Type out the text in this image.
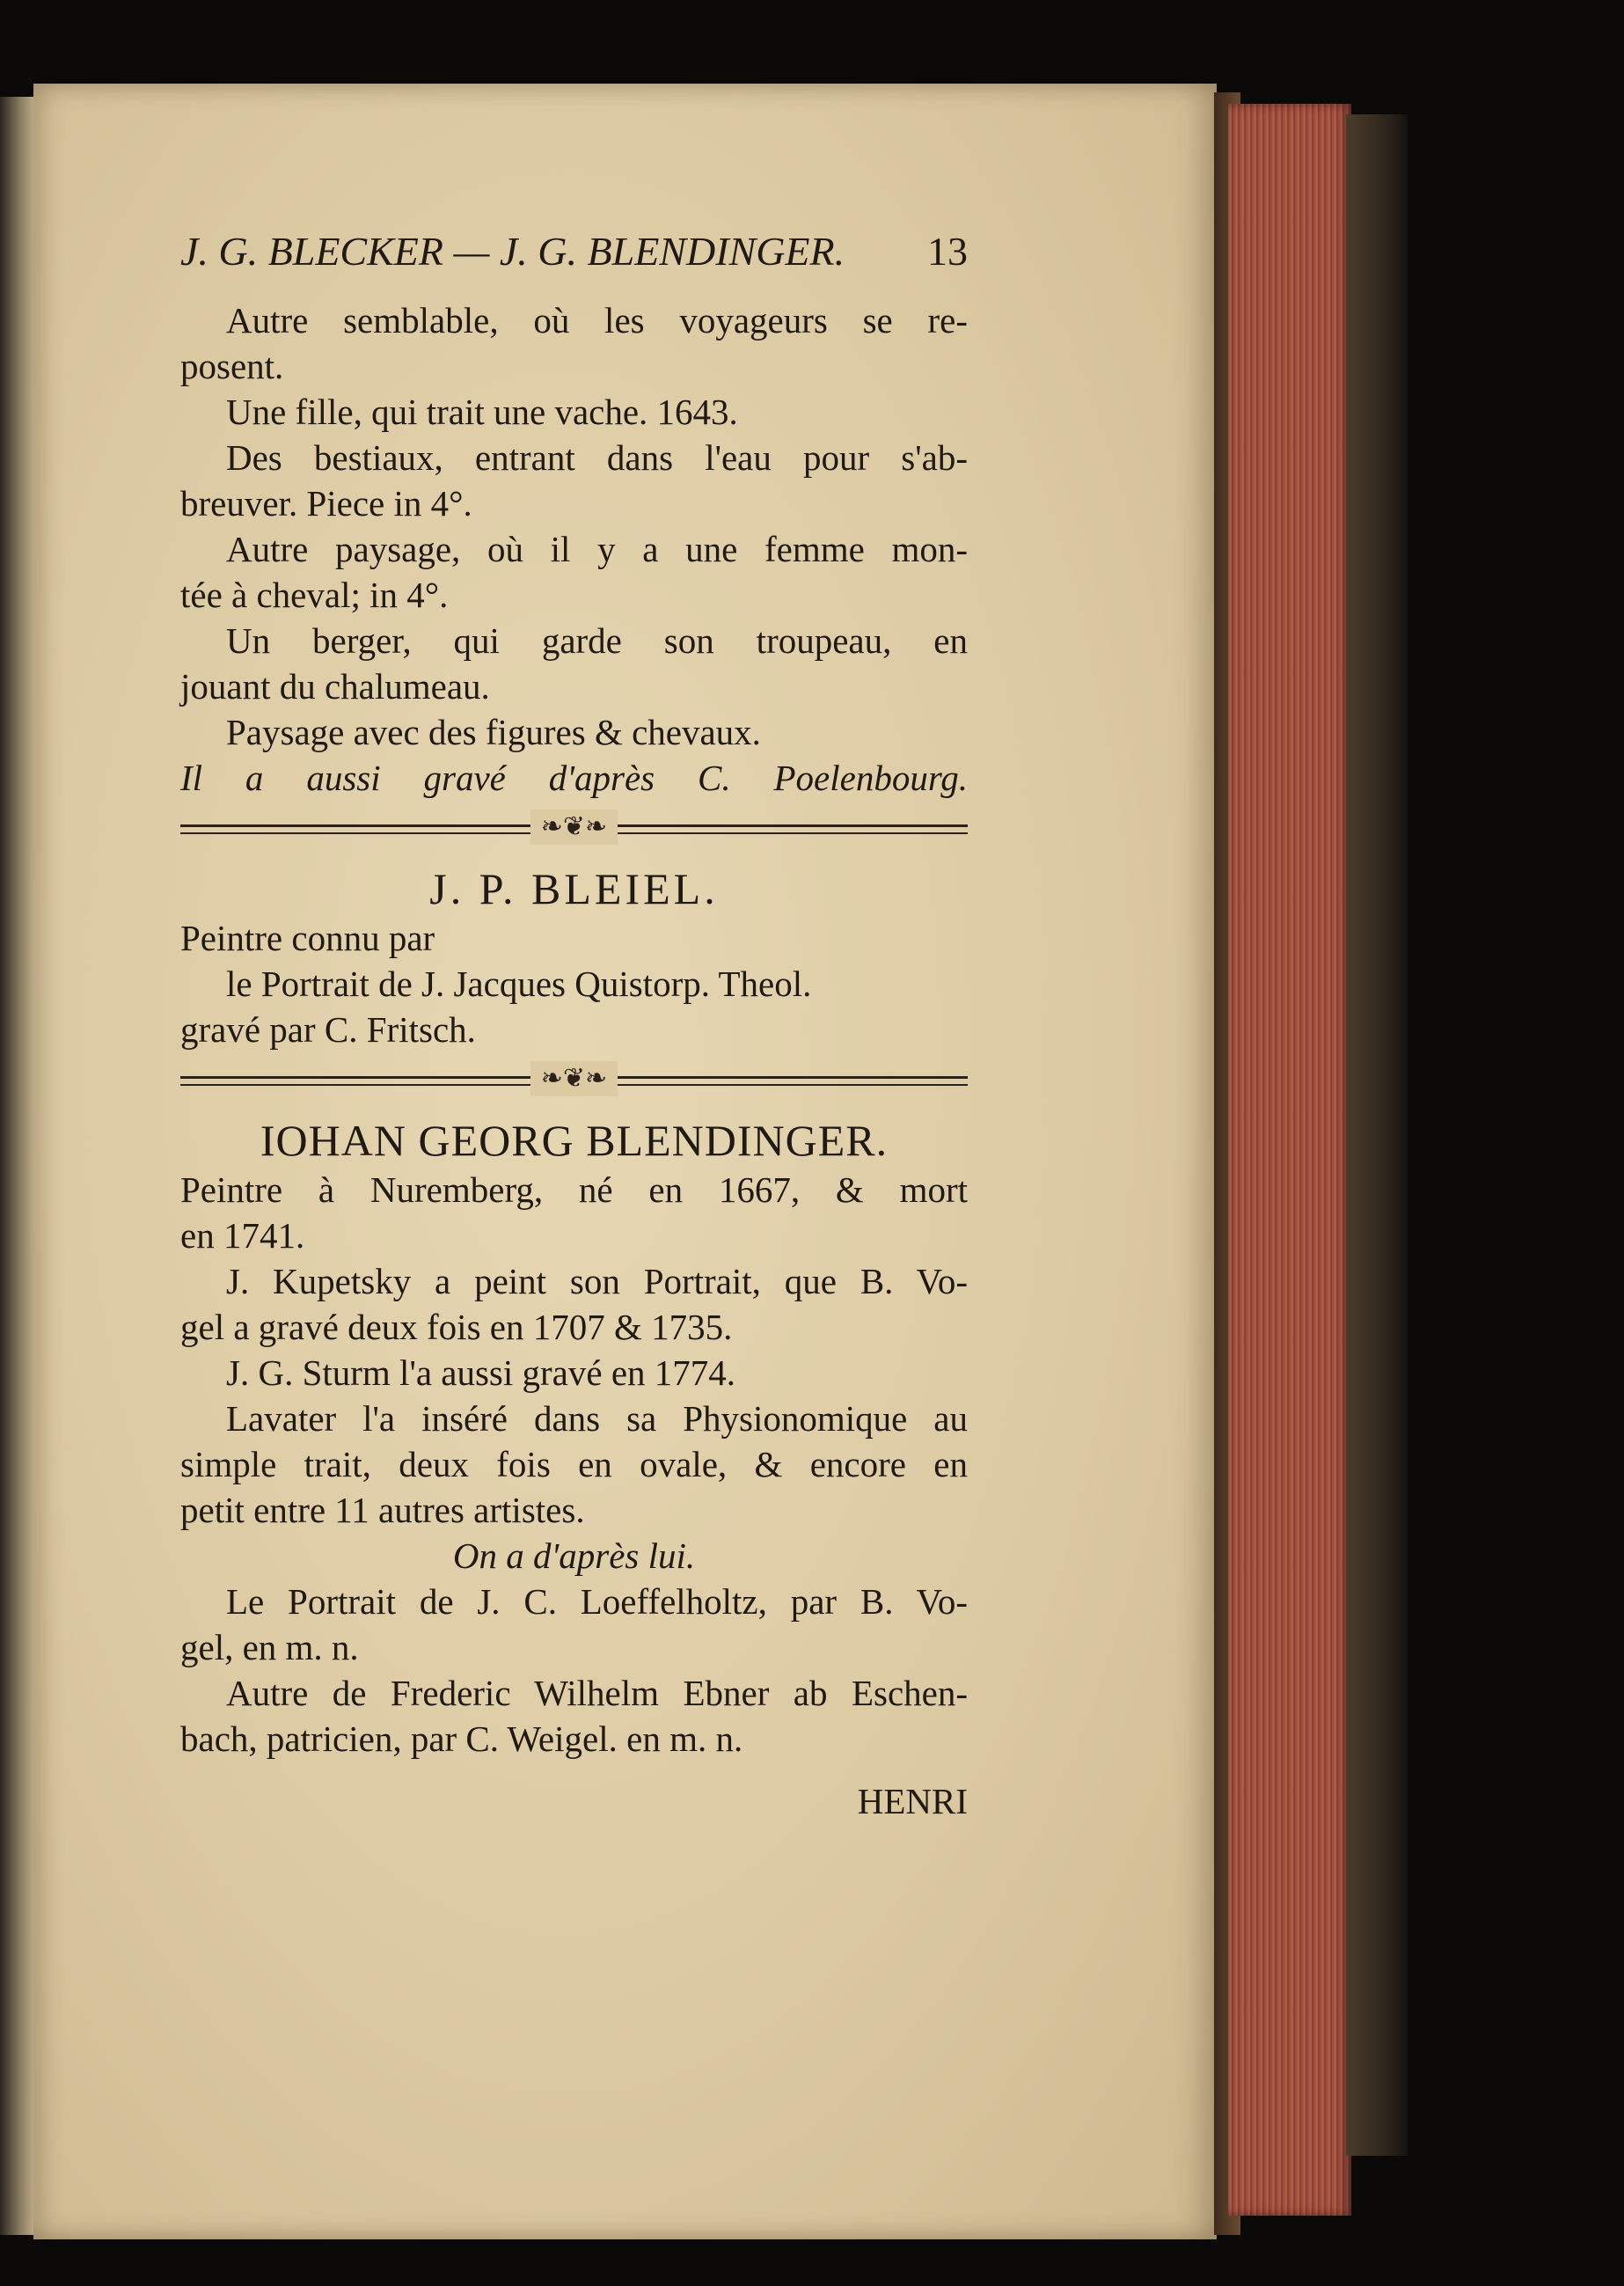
J. G. BLECKER — J. G. BLENDINGER. 13
Autre semblable, où les voyageurs se re-
posent.
Une fille, qui trait une vache. 1643.
Des bestiaux, entrant dans l'eau pour s'ab-
breuver. Piece in 4°.
Autre paysage, où il y a une femme mon-
tée à cheval; in 4°.
Un berger, qui garde son troupeau, en
jouant du chalumeau.
Paysage avec des figures & chevaux.
Il a aussi gravé d'après C. Poelenbourg.
❧❦❧
J. P. BLEIEL.
Peintre connu par
le Portrait de J. Jacques Quistorp. Theol.
gravé par C. Fritsch.
❧❦❧
IOHAN GEORG BLENDINGER.
Peintre à Nuremberg, né en 1667, & mort
en 1741.
J. Kupetsky a peint son Portrait, que B. Vo-
gel a gravé deux fois en 1707 & 1735.
J. G. Sturm l'a aussi gravé en 1774.
Lavater l'a inséré dans sa Physionomique au
simple trait, deux fois en ovale, & encore en
petit entre 11 autres artistes.
On a d'après lui.
Le Portrait de J. C. Loeffelholtz, par B. Vo-
gel, en m. n.
Autre de Frederic Wilhelm Ebner ab Eschen-
bach, patricien, par C. Weigel. en m. n.
HENRI
